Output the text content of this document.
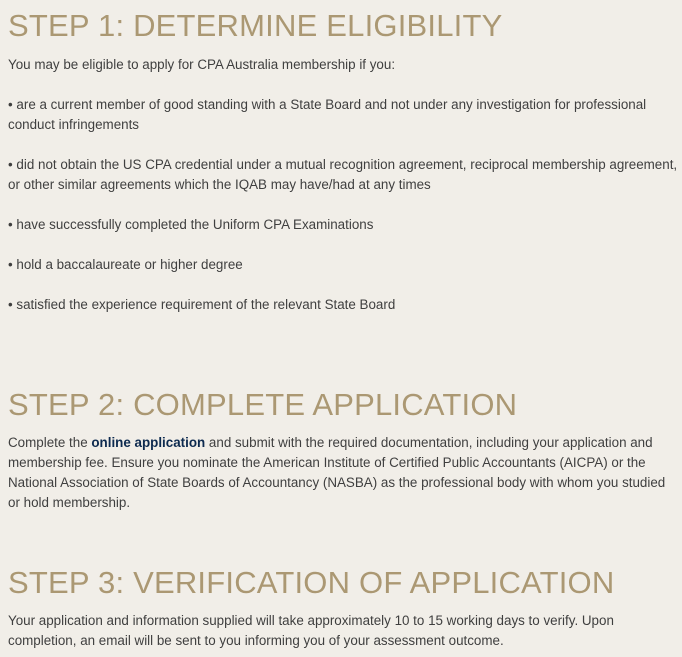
STEP 1: DETERMINE ELIGIBILITY

You may be eligible to apply for CPA Australia membership if you:

• are a current member of good standing with a State Board and not under any investigation for professional conduct infringements

• did not obtain the US CPA credential under a mutual recognition agreement, reciprocal membership agreement, or other similar agreements which the IQAB may have/had at any times

• have successfully completed the Uniform CPA Examinations

• hold a baccalaureate or higher degree

• satisfied the experience requirement of the relevant State Board

STEP 2: COMPLETE APPLICATION

Complete the online application and submit with the required documentation, including your application and membership fee. Ensure you nominate the American Institute of Certified Public Accountants (AICPA) or the National Association of State Boards of Accountancy (NASBA) as the professional body with whom you studied or hold membership.

STEP 3: VERIFICATION OF APPLICATION

Your application and information supplied will take approximately 10 to 15 working days to verify. Upon completion, an email will be sent to you informing you of your assessment outcome.
